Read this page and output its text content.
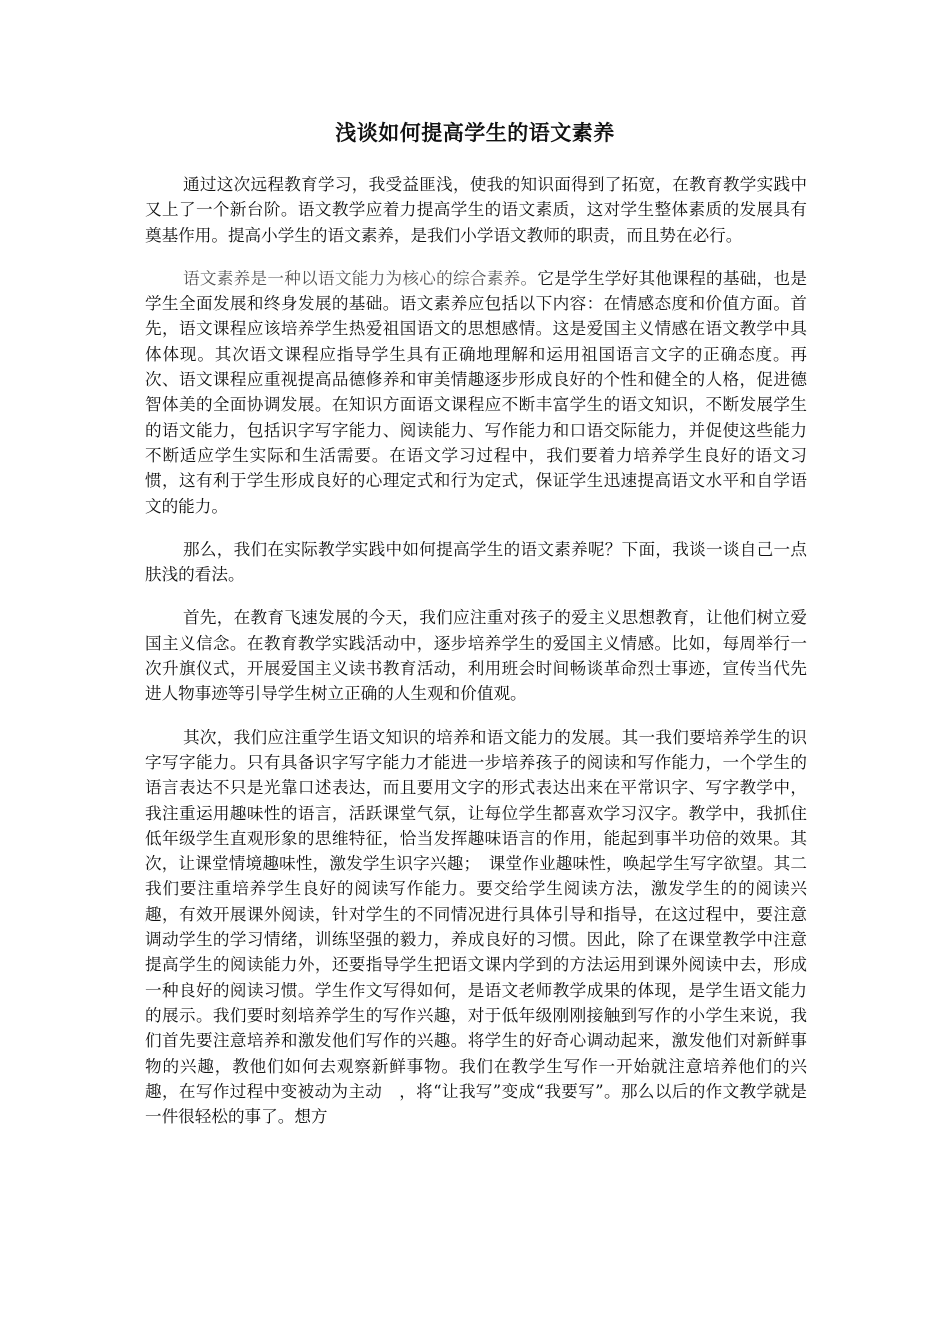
浅谈如何提高学生的语文素养

通过这次远程教育学习，我受益匪浅，使我的知识面得到了拓宽，在教育教学实践中又上了一个新台阶。语文教学应着力提高学生的语文素质，这对学生整体素质的发展具有奠基作用。提高小学生的语文素养，是我们小学语文教师的职责，而且势在必行。

语文素养是一种以语文能力为核心的综合素养。它是学生学好其他课程的基础，也是学生全面发展和终身发展的基础。语文素养应包括以下内容：在情感态度和价值方面。首先，语文课程应该培养学生热爱祖国语文的思想感情。这是爱国主义情感在语文教学中具体体现。其次语文课程应指导学生具有正确地理解和运用祖国语言文字的正确态度。再次、语文课程应重视提高品德修养和审美情趣逐步形成良好的个性和健全的人格，促进德智体美的全面协调发展。在知识方面语文课程应不断丰富学生的语文知识，不断发展学生的语文能力，包括识字写字能力、阅读能力、写作能力和口语交际能力，并促使这些能力不断适应学生实际和生活需要。在语文学习过程中，我们要着力培养学生良好的语文习惯，这有利于学生形成良好的心理定式和行为定式，保证学生迅速提高语文水平和自学语文的能力。

那么，我们在实际教学实践中如何提高学生的语文素养呢？下面，我谈一谈自己一点肤浅的看法。

首先，在教育飞速发展的今天，我们应注重对孩子的爱主义思想教育，让他们树立爱国主义信念。在教育教学实践活动中，逐步培养学生的爱国主义情感。比如，每周举行一次升旗仪式，开展爱国主义读书教育活动，利用班会时间畅谈革命烈士事迹，宣传当代先进人物事迹等引导学生树立正确的人生观和价值观。

其次，我们应注重学生语文知识的培养和语文能力的发展。其一我们要培养学生的识字写字能力。只有具备识字写字能力才能进一步培养孩子的阅读和写作能力，一个学生的语言表达不只是光靠口述表达，而且要用文字的形式表达出来在平常识字、写字教学中，我注重运用趣味性的语言，活跃课堂气氛，让每位学生都喜欢学习汉字。教学中，我抓住低年级学生直观形象的思维特征，恰当发挥趣味语言的作用，能起到事半功倍的效果。其次，让课堂情境趣味性，激发学生识字兴趣；　课堂作业趣味性，唤起学生写字欲望。其二我们要注重培养学生良好的阅读写作能力。要交给学生阅读方法，激发学生的的阅读兴趣，有效开展课外阅读，针对学生的不同情况进行具体引导和指导，在这过程中，要注意调动学生的学习情绪，训练坚强的毅力，养成良好的习惯。因此，除了在课堂教学中注意提高学生的阅读能力外，还要指导学生把语文课内学到的方法运用到课外阅读中去，形成一种良好的阅读习惯。学生作文写得如何，是语文老师教学成果的体现，是学生语文能力的展示。我们要时刻培养学生的写作兴趣，对于低年级刚刚接触到写作的小学生来说，我们首先要注意培养和激发他们写作的兴趣。将学生的好奇心调动起来，激发他们对新鲜事物的兴趣，教他们如何去观察新鲜事物。我们在教学生写作一开始就注意培养他们的兴趣，在写作过程中变被动为主动　，将“让我写”变成“我要写”。那么以后的作文教学就是一件很轻松的事了。想方
